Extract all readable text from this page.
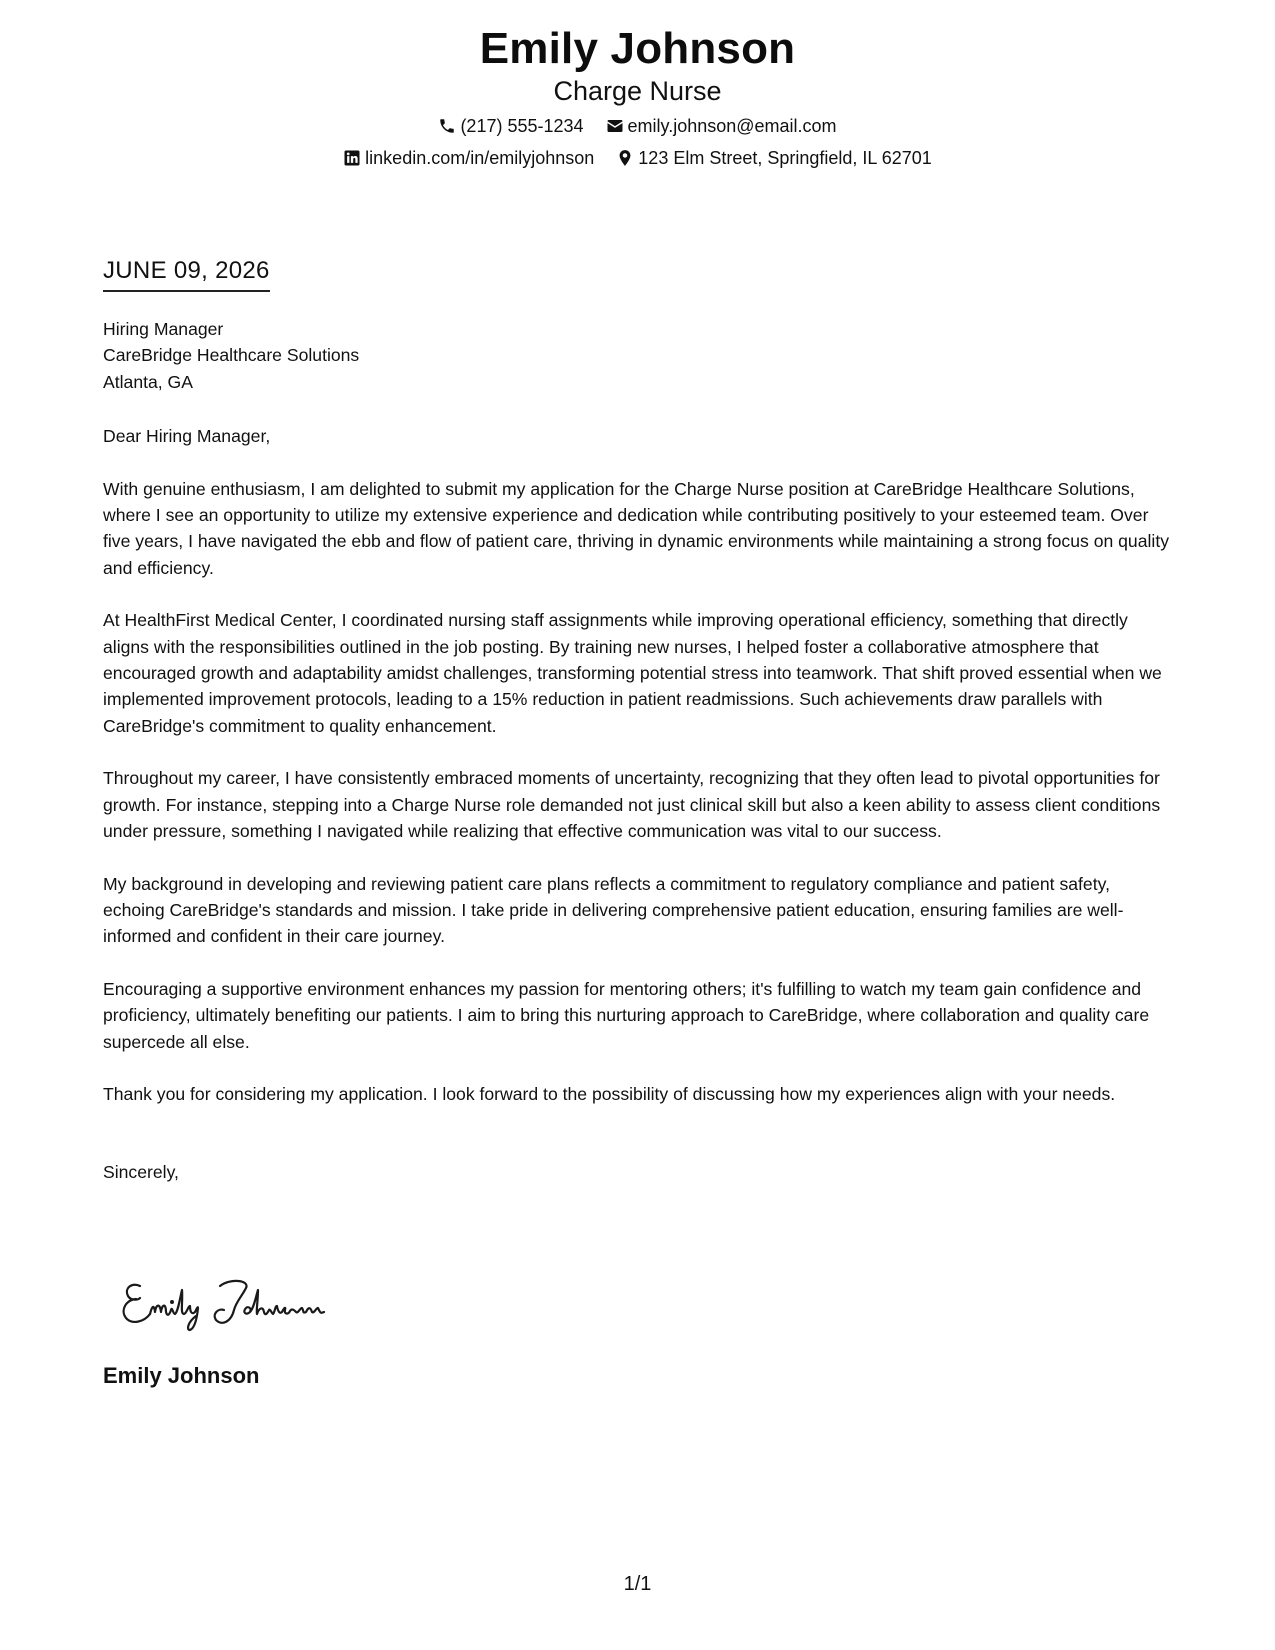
Emily Johnson
Charge Nurse
(217) 555-1234 emily.johnson@email.com
linkedin.com/in/emilyjohnson 123 Elm Street, Springfield, IL 62701
JUNE 09, 2026

Hiring Manager

CareBridge Healthcare Solutions

Atlanta, GA

Dear Hiring Manager,

With genuine enthusiasm, I am delighted to submit my application for the Charge Nurse position at CareBridge Healthcare Solutions, where I see an opportunity to utilize my extensive experience and dedication while contributing positively to your esteemed team. Over five years, I have navigated the ebb and flow of patient care, thriving in dynamic environments while maintaining a strong focus on quality and efficiency.

At HealthFirst Medical Center, I coordinated nursing staff assignments while improving operational efficiency, something that directly aligns with the responsibilities outlined in the job posting. By training new nurses, I helped foster a collaborative atmosphere that encouraged growth and adaptability amidst challenges, transforming potential stress into teamwork. That shift proved essential when we implemented improvement protocols, leading to a 15% reduction in patient readmissions. Such achievements draw parallels with CareBridge's commitment to quality enhancement.

Throughout my career, I have consistently embraced moments of uncertainty, recognizing that they often lead to pivotal opportunities for growth. For instance, stepping into a Charge Nurse role demanded not just clinical skill but also a keen ability to assess client conditions under pressure, something I navigated while realizing that effective communication was vital to our success.

My background in developing and reviewing patient care plans reflects a commitment to regulatory compliance and patient safety, echoing CareBridge's standards and mission. I take pride in delivering comprehensive patient education, ensuring families are well-informed and confident in their care journey.

Encouraging a supportive environment enhances my passion for mentoring others; it's fulfilling to watch my team gain confidence and proficiency, ultimately benefiting our patients. I aim to bring this nurturing approach to CareBridge, where collaboration and quality care supercede all else.

Thank you for considering my application. I look forward to the possibility of discussing how my experiences align with your needs.

Sincerely,

Emily Johnson
1/1
